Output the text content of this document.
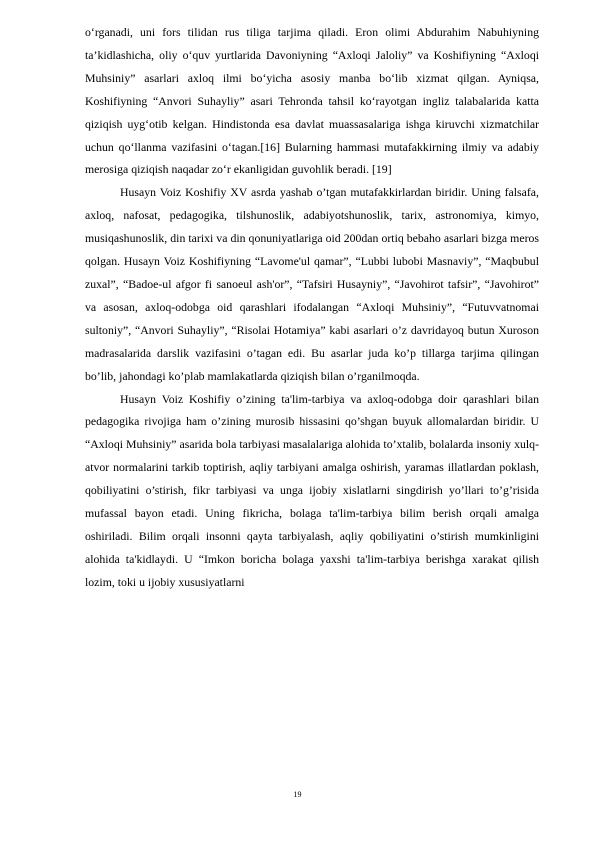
o‘rganadi, uni fors tilidan rus tiliga tarjima qiladi. Eron olimi Abdurahim Nabuhiyning ta’kidlashicha, oliy o‘quv yurtlarida Davoniyning “Axloqi Jaloliy” va Koshifiyning “Axloqi Muhsiniy” asarlari axloq ilmi bo‘yicha asosiy manba bo‘lib xizmat qilgan. Ayniqsa, Koshifiyning “Anvori Suhayliy” asari Tehronda tahsil ko‘rayotgan ingliz talabalarida katta qiziqish uyg‘otib kelgan. Hindistonda esa davlat muassasalariga ishga kiruvchi xizmatchilar uchun qo‘llanma vazifasini o‘tagan.[16] Bularning hammasi mutafakkirning ilmiy va adabiy merosiga qiziqish naqadar zo‘r ekanligidan guvohlik beradi. [19]

Husayn Voiz Koshifiy XV asrda yashab o’tgan mutafakkirlardan biridir. Uning falsafa, axloq, nafosat, pedagogika, tilshunoslik, adabiyotshunoslik, tarix, astronomiya, kimyo, musiqashunoslik, din tarixi va din qonuniyatlariga oid 200dan ortiq bebaho asarlari bizga meros qolgan. Husayn Voiz Koshifiyning “Lavome'ul qamar”, “Lubbi lubobi Masnaviy”, “Maqbubul zuxal”, “Badoe-ul afgor fi sanoeul ash'or”, “Tafsiri Husayniy”, “Javohirot tafsir”, “Javohirot” va asosan, axloq-odobga oid qarashlari ifodalangan “Axloqi Muhsiniy”, “Futuvvatnomai sultoniy”, “Anvori Suhayliy”, “Risolai Hotamiya” kabi asarlari o’z davridayoq butun Xuroson madrasalarida darslik vazifasini o’tagan edi. Bu asarlar juda ko’p tillarga tarjima qilingan bo’lib, jahondagi ko’plab mamlakatlarda qiziqish bilan o’rganilmoqda.

Husayn Voiz Koshifiy o’zining ta'lim-tarbiya va axloq-odobga doir qarashlari bilan pedagogika rivojiga ham o’zining murosib hissasini qo’shgan buyuk allomalardan biridir. U “Axloqi Muhsiniy” asarida bola tarbiyasi masalalariga alohida to’xtalib, bolalarda insoniy xulq-atvor normalarini tarkib toptirish, aqliy tarbiyani amalga oshirish, yaramas illatlardan poklash, qobiliyatini o’stirish, fikr tarbiyasi va unga ijobiy xislatlarni singdirish yo’llari to’g’risida mufassal bayon etadi. Uning fikricha, bolaga ta'lim-tarbiya bilim berish orqali amalga oshiriladi. Bilim orqali insonni qayta tarbiyalash, aqliy qobiliyatini o’stirish mumkinligini alohida ta'kidlaydi. U “Imkon boricha bolaga yaxshi ta'lim-tarbiya berishga xarakat qilish lozim, toki u ijobiy xususiyatlarni

19
